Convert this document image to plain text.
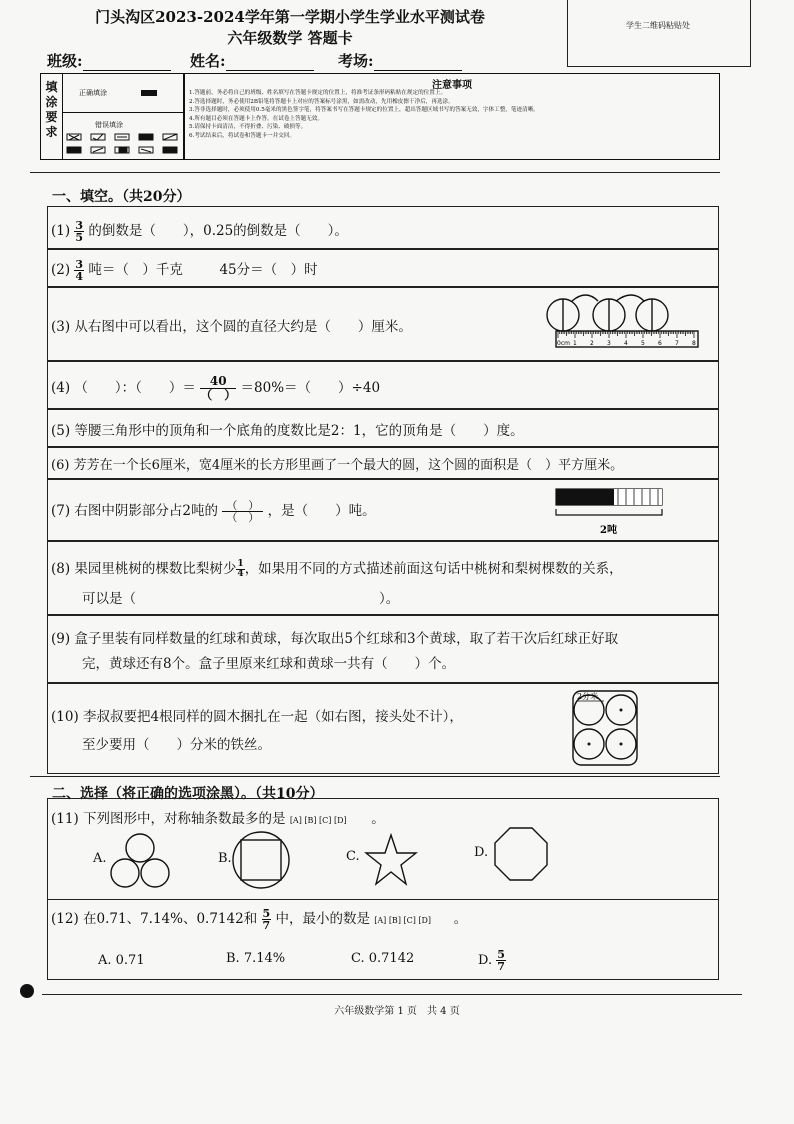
门头沟区2023-2024学年第一学期小学生学业水平测试卷
六年级数学 答题卡
学生二维码粘贴处
班级:	姓名:	考场:
填涂要求
正确填涂
错误填涂
注意事项
1.答题前，务必将自己的班级、姓名填写在答题卡规定的位置上，将准考证条形码粘贴在规定的位置上。
2.答选择题时，务必使用2B铅笔将答题卡上对应的答案标号涂黑，如需改动，先用橡皮擦干净后，再选涂。
3.答非选择题时，必须使用0.5毫米的黑色签字笔，将答案书写在答题卡规定的位置上，超出答题区域书写的答案无效，字体工整，笔迹清晰。
4.所有题目必须在答题卡上作答，在试卷上答题无效。
5.请保持卡面清洁，不得折叠、污染、破损等。
6.考试结束后，将试卷和答题卡一并交回。
一、填空。（共20分）
$(1) \frac{3}{5}$ 的倒数是（　　），0.25的倒数是（　　）。
$(2) \frac{3}{4}$ 吨＝（　）千克	45分＝（　）时
(3) 从右图中可以看出，这个圆的直径大约是（　　）厘米。
0cm 1 2 3 4 5 6 7 8
(4) （　　）：（　　）＝ $\frac{40}{( )} =80\%=$（　　）÷40
(5) 等腰三角形中的顶角和一个底角的度数比是2：1，它的顶角是（　　）度。
(6) 芳芳在一个长6厘米，宽4厘米的长方形里画了一个最大的圆，这个圆的面积是（　）平方厘米。
(7) 右图中阴影部分占2吨的 $\frac{( )}{( )}$ ，是（　　）吨。
2吨
(8) 果园里桃树的棵数比梨树少 $\frac{1}{4}$ ，如果用不同的方式描述前面这句话中桃树和梨树棵数的关系，
可以是（　　　　　　　　　　　　　　　　　　）。
(9) 盒子里装有同样数量的红球和黄球，每次取出5个红球和3个黄球，取了若干次后红球正好取
完，黄球还有8个。盒子里原来红球和黄球一共有（　　）个。
(10) 李叔叔要把4根同样的圆木捆扎在一起（如右图，接头处不计），
至少要用（　　）分米的铁丝。
2分米
二、选择（将正确的选项涂黑）。（共10分）
(11) 下列图形中，对称轴条数最多的是 [A] [B] [C] [D] 。
A.	B.	C.	D.
(12) 在0.71、7.14%、0.7142和 $\frac{5}{7}$ 中，最小的数是 [A] [B] [C] [D] 。
A. 0.71	B. 7.14%	C. 0.7142	D. $\frac{5}{7}$
六年级数学第 1 页　共 4 页
